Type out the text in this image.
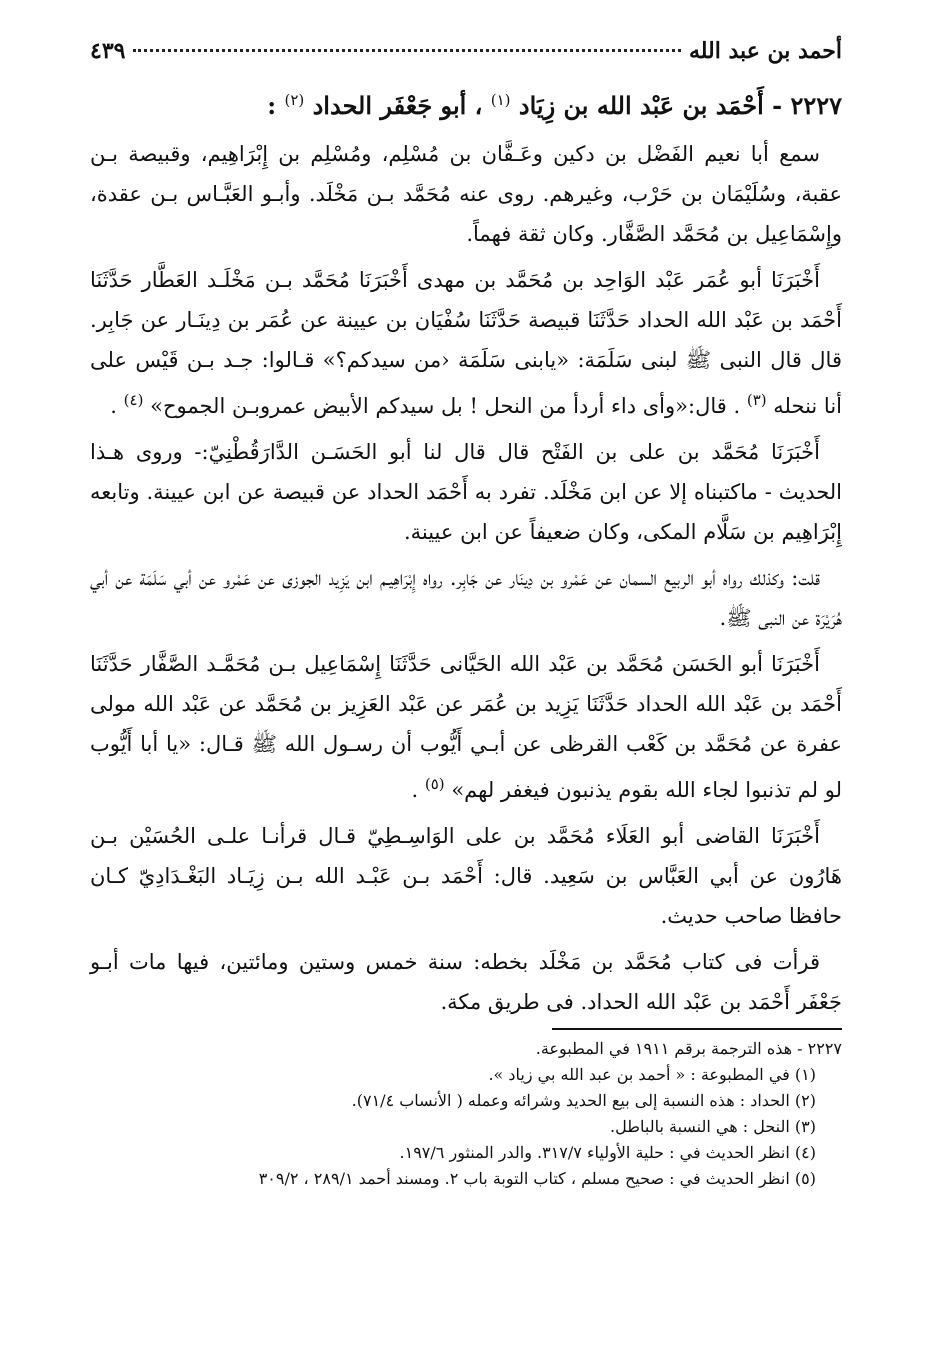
أحمد بن عبد الله
٤٣٩
٢٢٢٧ - أَحْمَد بن عَبْد الله بن زِيَاد $^{(١)}$ ، أبو جَعْفَر الحداد $^{(٢)}$ :

سمع أبا نعيم الفَضْل بن دكين وعَـفَّان بن مُسْلِم، ومُسْلِم بن إِبْرَاهِيم، وقبيصة بـن عقبة، وسُلَيْمَان بن حَرْب، وغيرهم. روى عنه مُحَمَّد بـن مَخْلَد. وأبـو العَبَّـاس بـن عقدة، وإِسْمَاعِيل بن مُحَمَّد الصَّفَّار. وكان ثقة فهماً.

أَخْبَرَنَا أبو عُمَر عَبْد الوَاحِد بن مُحَمَّد بن مهدى أَخْبَرَنَا مُحَمَّد بـن مَخْلَـد العَطَّار حَدَّثَنَا أَحْمَد بن عَبْد الله الحداد حَدَّثَنَا قبيصة حَدَّثَنَا سُفْيَان بن عيينة عن عُمَر بن دِينَـار عن جَابِر. قال قال النبى ﷺ لبنى سَلَمَة: «يابنى سَلَمَة ‹من سيدكم؟» قـالوا: جـد بـن قَيْس على أنا ننحله $^{(٣)}$ . قال:«وأى داء أردأ من النحل ! بل سيدكم الأبيض عمروبـن الجموح» $^{(٤)}$ .

أَخْبَرَنَا مُحَمَّد بن على بن الفَتْح قال قال لنا أبو الحَسَـن الدَّارَقُطْنِيّ:- وروى هـذا الحديث - ماكتبناه إلا عن ابن مَخْلَد. تفرد به أَحْمَد الحداد عن قبيصة عن ابن عيينة. وتابعه إِبْرَاهِيم بن سَلَّام المكى، وكان ضعيفاً عن ابن عيينة.

قلت: وكذلك رواه أبو الربيع السمان عن عَمْرو بن دِينَار عن جَابِر. رواه إِبْرَاهِيـم ابن يَزِيد الجوزى عن عَمْرو عن أبي سَلَمَة عن أبي هُرَيْرَة عن النبى ﷺ.

أَخْبَرَنَا أبو الحَسَن مُحَمَّد بن عَبْد الله الحَيَّانى حَدَّثَنَا إِسْمَاعِيل بـن مُحَمَّـد الصَّفَّار حَدَّثَنَا أَحْمَد بن عَبْد الله الحداد حَدَّثَنَا يَزِيد بن عُمَر عن عَبْد العَزِيز بن مُحَمَّد عن عَبْد الله مولى عفرة عن مُحَمَّد بن كَعْب القرظى عن أبـي أَيُّوب أن رسـول الله ﷺ قـال: «يا أبا أَيُّوب لو لم تذنبوا لجاء الله بقوم يذنبون فيغفر لهم» $^{(٥)}$ .

أَخْبَرَنَا القاضى أبو العَلَاء مُحَمَّد بن على الوَاسِـطِيّ قـال قرأنـا علـى الحُسَيْن بـن هَارُون عن أبي العَبَّاس بن سَعِيد. قال: أَحْمَد بـن عَبْـد الله بـن زِيَـاد البَغْـدَادِيّ كـان حافظا صاحب حديث.

قرأت فى كتاب مُحَمَّد بن مَخْلَد بخطه: سنة خمس وستين ومائتين، فيها مات أبـو جَعْفَر أَحْمَد بن عَبْد الله الحداد. فى طريق مكة.

٢٢٢٧ - هذه الترجمة برقم ١٩١١ في المطبوعة.

(١) في المطبوعة : « أحمد بن عبد الله بي زياد ».

(٢) الحداد : هذه النسبة إلى بيع الحديد وشرائه وعمله ( الأنساب ٧١/٤).

(٣) النحل : هي النسبة بالباطل.

(٤) انظر الحديث في : حلية الأولياء ٣١٧/٧. والدر المنثور ١٩٧/٦.

(٥) انظر الحديث في : صحيح مسلم ، كتاب التوبة باب ٢. ومسند أحمد ٢٨٩/١ ، ٣٠٩/٢
